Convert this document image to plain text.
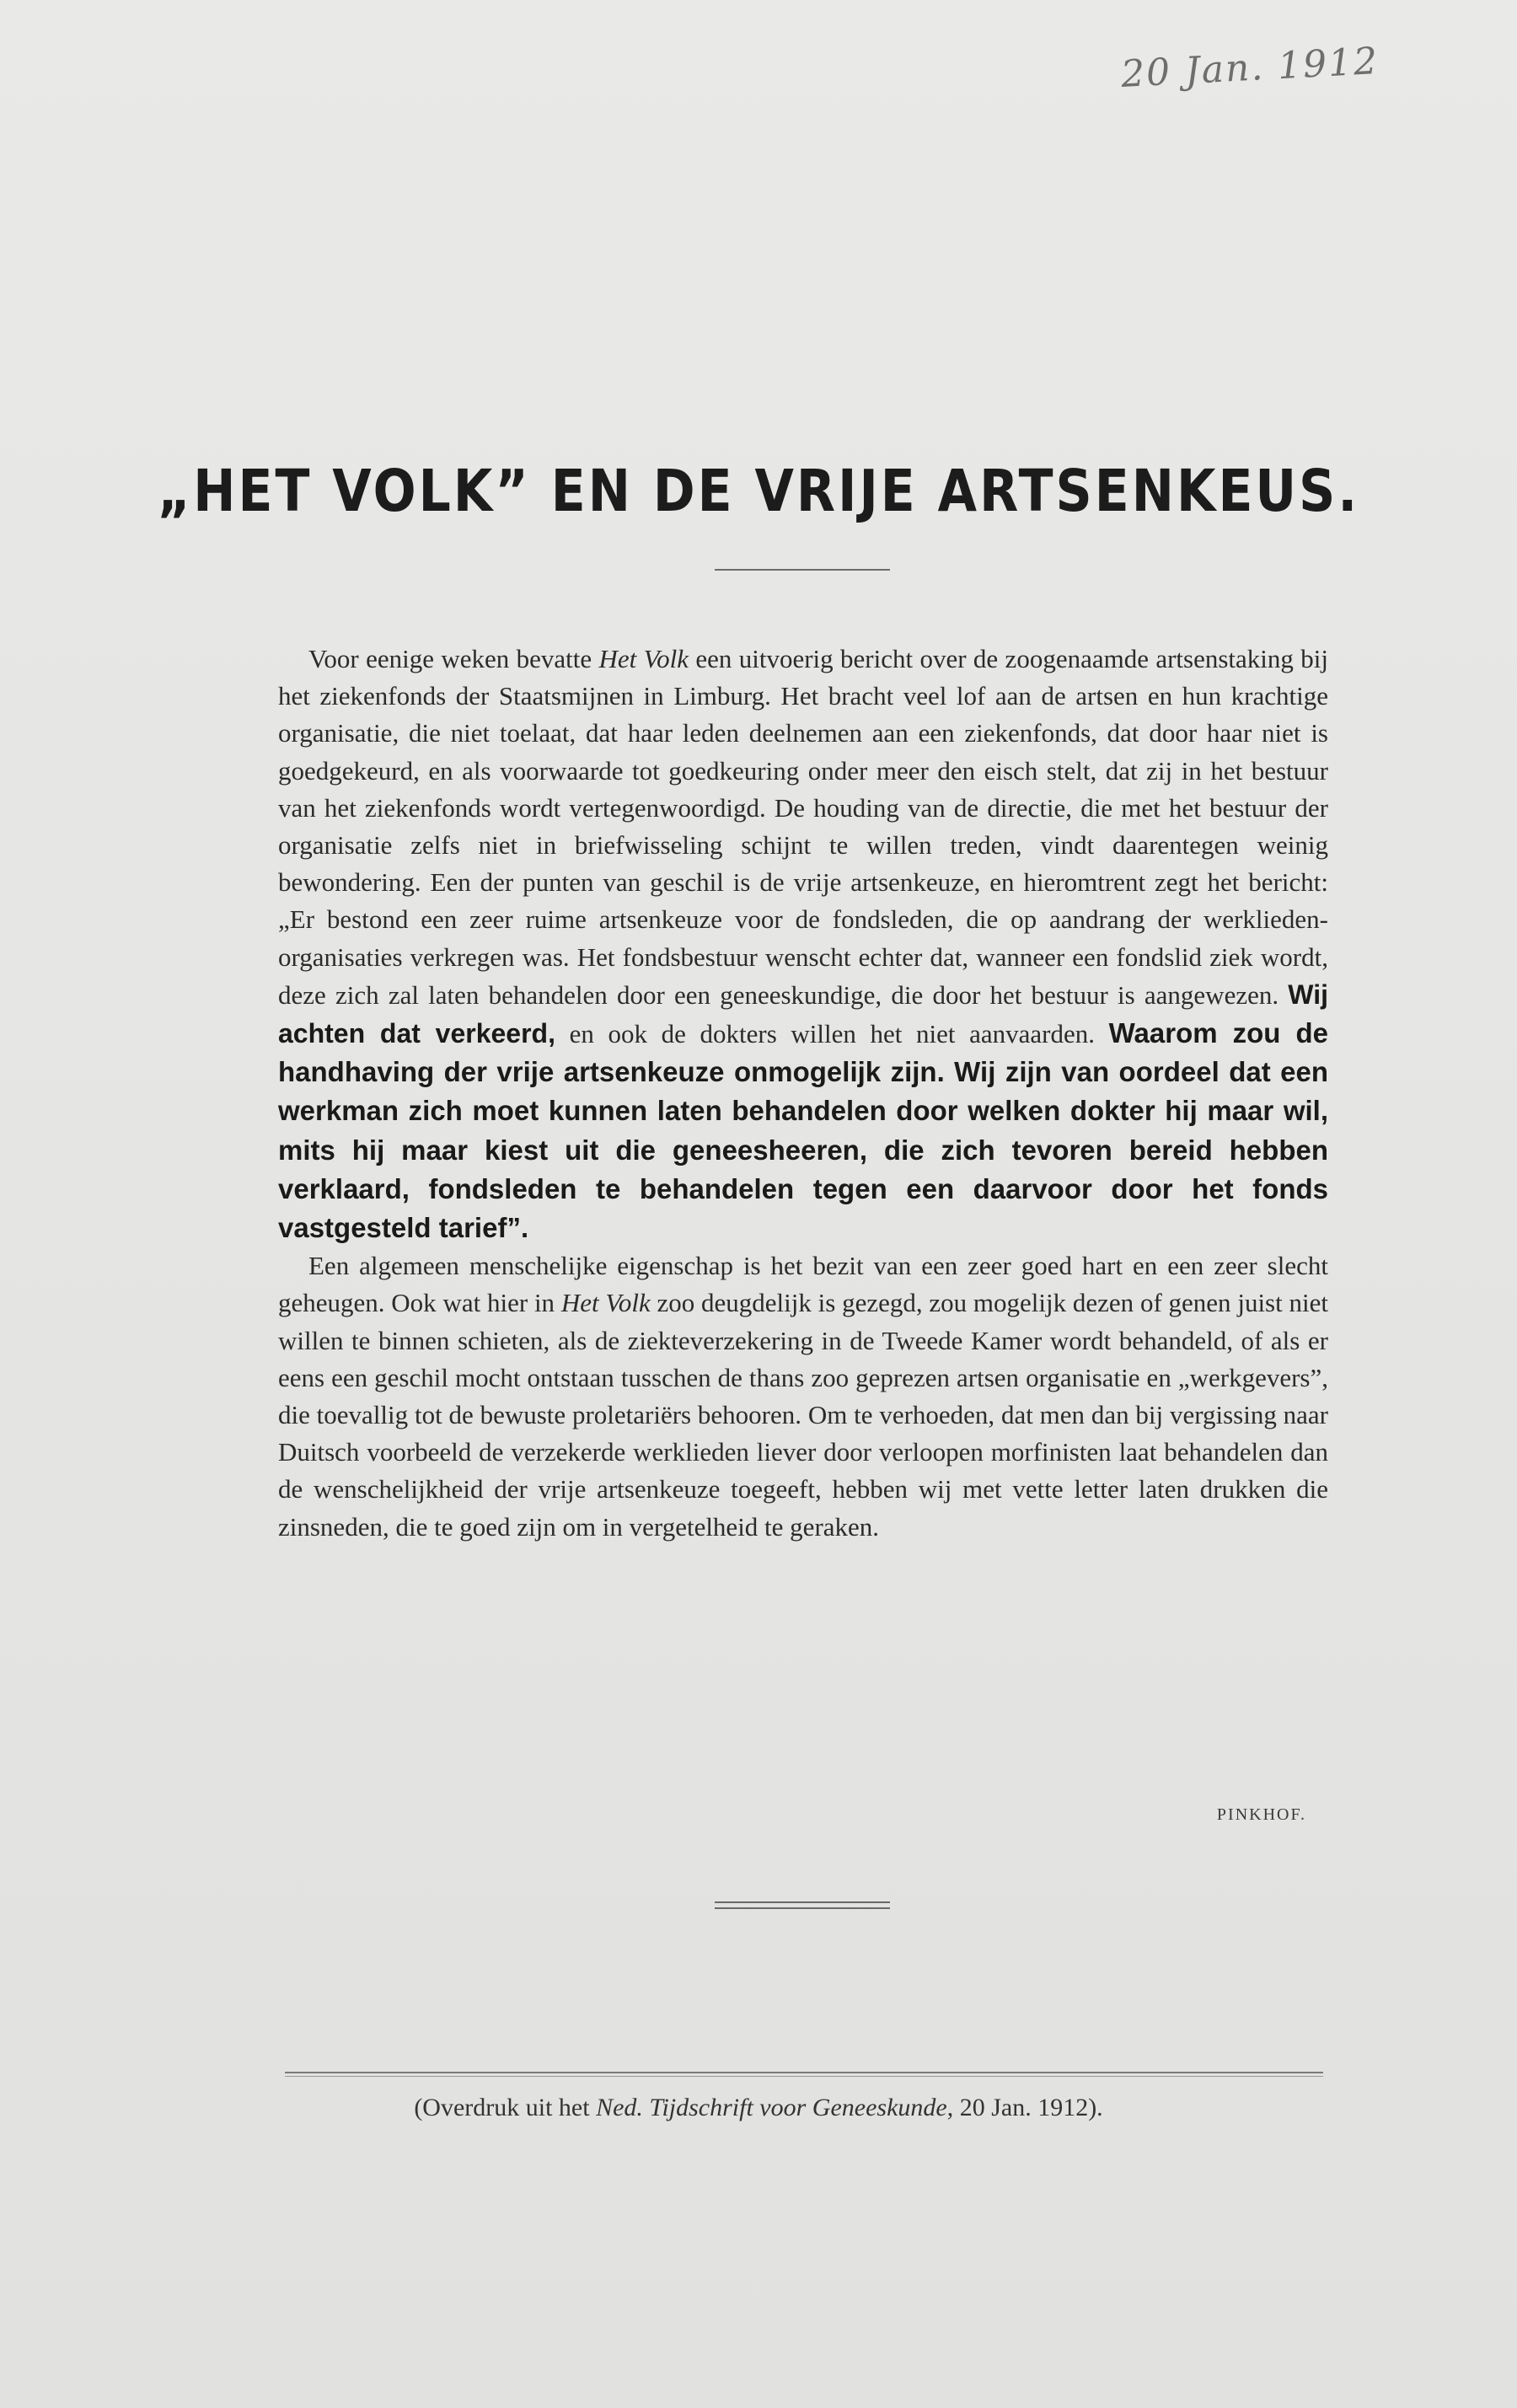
20 Jan. 1912
„HET VOLK” EN DE VRIJE ARTSENKEUS.

Voor eenige weken bevatte Het Volk een uitvoerig bericht over de zoogenaamde artsenstaking bij het ziekenfonds der Staatsmijnen in Limburg. Het bracht veel lof aan de artsen en hun krachtige organisatie, die niet toelaat, dat haar leden deelnemen aan een ziekenfonds, dat door haar niet is goedgekeurd, en als voorwaarde tot goedkeuring onder meer den eisch stelt, dat zij in het bestuur van het ziekenfonds wordt vertegenwoordigd. De houding van de directie, die met het bestuur der organisatie zelfs niet in briefwisseling schijnt te willen treden, vindt daarentegen weinig bewondering. Een der punten van geschil is de vrije artsenkeuze, en hieromtrent zegt het bericht: „Er bestond een zeer ruime artsenkeuze voor de fondsleden, die op aandrang der werklieden-organisaties verkregen was. Het fondsbestuur wenscht echter dat, wanneer een fondslid ziek wordt, deze zich zal laten behandelen door een geneeskundige, die door het bestuur is aangewezen. Wij achten dat verkeerd, en ook de dokters willen het niet aanvaarden. Waarom zou de handhaving der vrije artsenkeuze onmogelijk zijn. Wij zijn van oordeel dat een werkman zich moet kunnen laten behandelen door welken dokter hij maar wil, mits hij maar kiest uit die geneesheeren, die zich tevoren bereid hebben verklaard, fondsleden te behandelen tegen een daarvoor door het fonds vastgesteld tarief”.

Een algemeen menschelijke eigenschap is het bezit van een zeer goed hart en een zeer slecht geheugen. Ook wat hier in Het Volk zoo deugdelijk is gezegd, zou mogelijk dezen of genen juist niet willen te binnen schieten, als de ziekteverzekering in de Tweede Kamer wordt behandeld, of als er eens een geschil mocht ontstaan tusschen de thans zoo geprezen artsen organisatie en „werkgevers”, die toevallig tot de bewuste proletariërs behooren. Om te verhoeden, dat men dan bij vergissing naar Duitsch voorbeeld de verzekerde werklieden liever door verloopen morfinisten laat behandelen dan de wenschelijkheid der vrije artsenkeuze toegeeft, hebben wij met vette letter laten drukken die zinsneden, die te goed zijn om in vergetelheid te geraken.

PINKHOF.
(Overdruk uit het Ned. Tijdschrift voor Geneeskunde, 20 Jan. 1912).
